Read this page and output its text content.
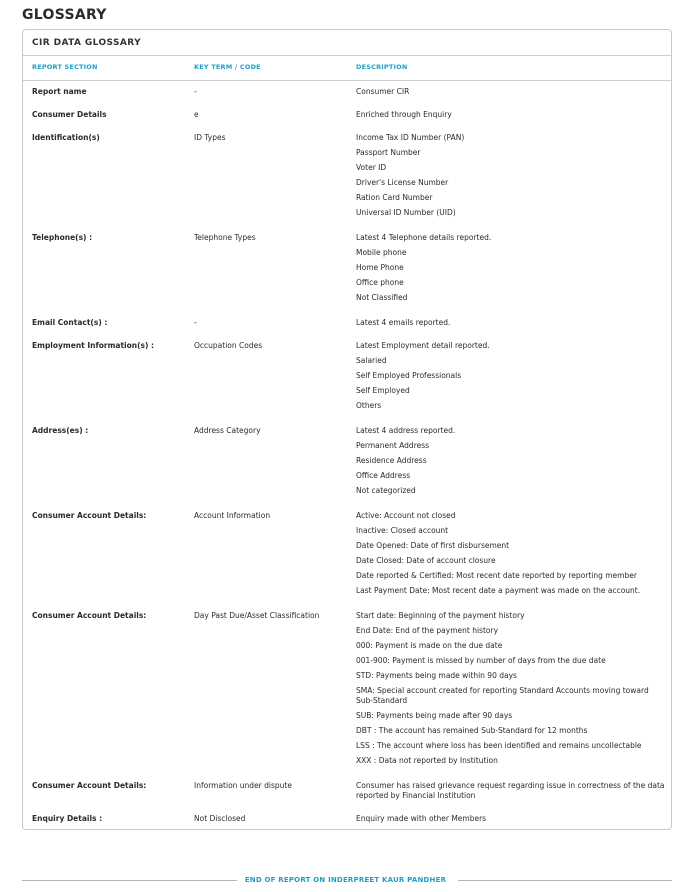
GLOSSARY
CIR DATA GLOSSARY
REPORT SECTION	KEY TERM / CODE	DESCRIPTION
Report name	-	Consumer CIR
Consumer Details	e	Enriched through Enquiry
Identification(s)	ID Types	Income Tax ID Number (PAN)
Passport Number
Voter ID
Driver's License Number
Ration Card Number
Universal ID Number (UID)
Telephone(s) :	Telephone Types	Latest 4 Telephone details reported.
Mobile phone
Home Phone
Office phone
Not Classified
Email Contact(s) :	-	Latest 4 emails reported.
Employment Information(s) :	Occupation Codes	Latest Employment detail reported.
Salaried
Self Employed Professionals
Self Employed
Others
Address(es) :	Address Category	Latest 4 address reported.
Permanent Address
Residence Address
Office Address
Not categorized
Consumer Account Details:	Account Information	Active: Account not closed
Inactive: Closed account
Date Opened: Date of first disbursement
Date Closed: Date of account closure
Date reported & Certified: Most recent date reported by reporting member
Last Payment Date: Most recent date a payment was made on the account.
Consumer Account Details:	Day Past Due/Asset Classification	Start date: Beginning of the payment history
End Date: End of the payment history
000: Payment is made on the due date
001-900: Payment is missed by number of days from the due date
STD: Payments being made within 90 days
SMA: Special account created for reporting Standard Accounts moving toward Sub-Standard
SUB: Payments being made after 90 days
DBT : The account has remained Sub-Standard for 12 months
LSS : The account where loss has been identified and remains uncollectable
XXX : Data not reported by Institution
Consumer Account Details:	Information under dispute	Consumer has raised grievance request regarding issue in correctness of the data reported by Financial Institution
Enquiry Details :	Not Disclosed	Enquiry made with other Members
END OF REPORT ON INDERPREET KAUR PANDHER
